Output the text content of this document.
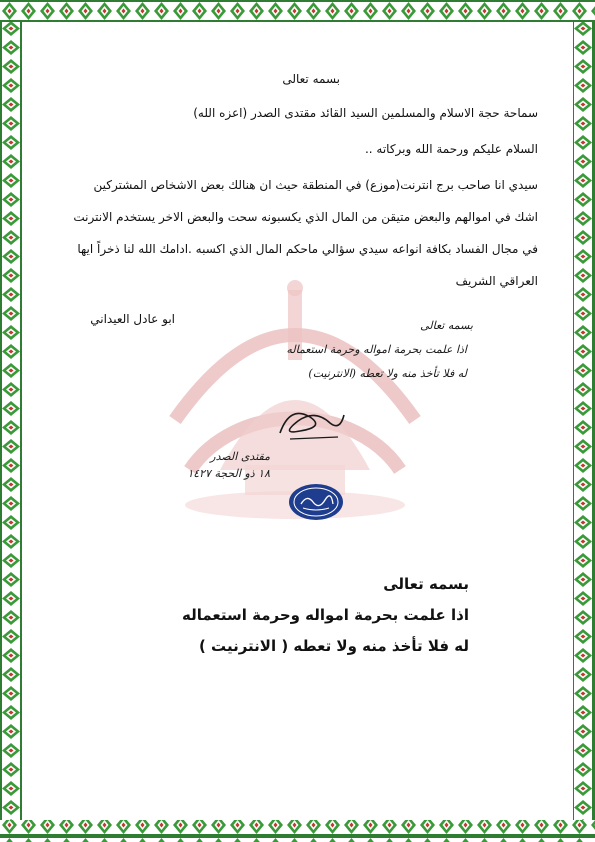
بسمه تعالى
سماحة حجة الاسلام والمسلمين السيد القائد مقتدى الصدر (اعزه الله)
السلام عليكم ورحمة الله وبركاته ..
سيدي انا صاحب برج انترنت(موزع) في المنطقة حيث ان هنالك بعض الاشخاص المشتركين
اشك في اموالهم والبعض متيقن من المال الذي يكسبونه سحت والبعض الاخر يستخدم الانترنت
في مجال الفساد بكافة انواعه سيدي سؤالي ماحكم المال الذي اكسبه .ادامك الله لنا ذخراً ايها
العراقي الشريف
ابو عادل العيداني	بسمه تعالى
اذا علمت بحرمة امواله وحرمة استعماله
له فلا تأخذ منه ولا تعطه (الانترنيت)
مقتدى الصدر
١٨ ذو الحجة ١٤٢٧
بسمه تعالى
اذا علمت بحرمة امواله وحرمة استعماله
له فلا تأخذ منه ولا تعطه ( الانترنيت )
